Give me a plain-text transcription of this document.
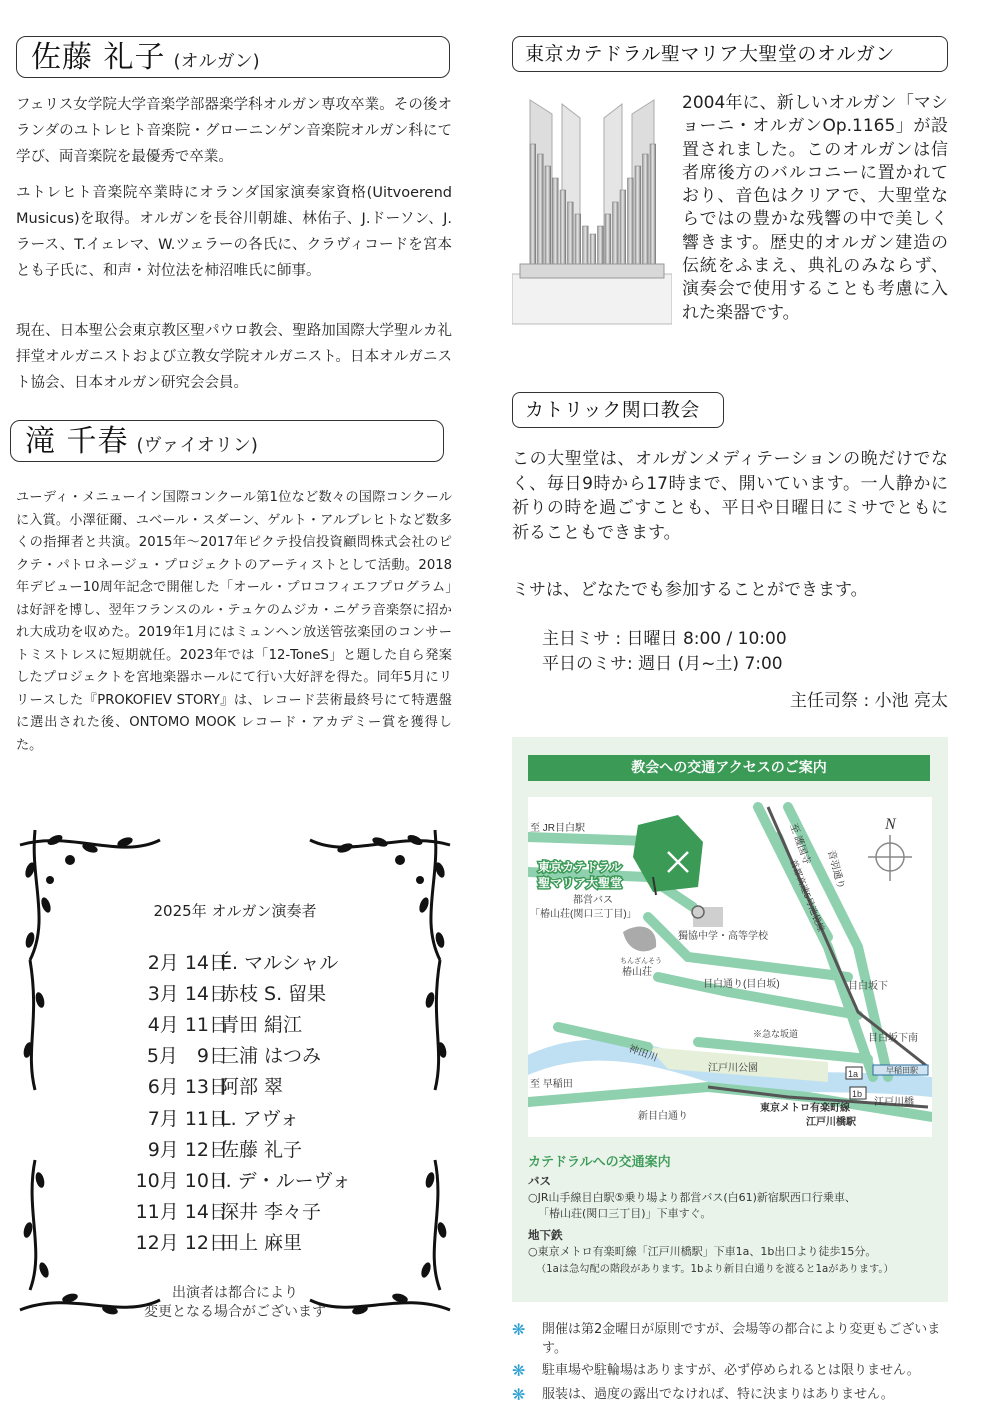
佐藤 礼子 (オルガン)
フェリス女学院大学音楽学部器楽学科オルガン専攻卒業。その後オランダのユトレヒト音楽院・グローニンゲン音楽院オルガン科にて学び、両音楽院を最優秀で卒業。
ユトレヒト音楽院卒業時にオランダ国家演奏家資格(Uitvoerend Musicus)を取得。オルガンを長谷川朝雄、林佑子、J.ドーソン、J.ラース、T.イェレマ、W.ツェラーの各氏に、クラヴィコードを宮本とも子氏に、和声・対位法を柿沼唯氏に師事。
現在、日本聖公会東京教区聖パウロ教会、聖路加国際大学聖ルカ礼拝堂オルガニストおよび立教女学院オルガニスト。日本オルガニスト協会、日本オルガン研究会会員。
滝 千春 (ヴァイオリン)
ユーディ・メニューイン国際コンクール第1位など数々の国際コンクールに入賞。小澤征爾、ユベール・スダーン、ゲルト・アルブレヒトなど数多くの指揮者と共演。2015年〜2017年ピクテ投信投資顧問株式会社のピクテ・パトロネージュ・プロジェクトのアーティストとして活動。2018年デビュー10周年記念で開催した「オール・プロコフィエフプログラム」は好評を博し、翌年フランスのル・テュケのムジカ・ニゲラ音楽祭に招かれ大成功を収めた。2019年1月にはミュンヘン放送管弦楽団のコンサートミストレスに短期就任。2023年では「12-ToneS」と題した自ら発案したプロジェクトを宮地楽器ホールにて行い大好評を得た。同年5月にリリースした『PROKOFIEV STORY』は、レコード芸術最終号にて特選盤に選出された後、ONTOMO MOOK レコード・アカデミー賞を獲得した。
2025年 オルガン演奏者
2月 14日
É. マルシャル
3月 14日
赤枝 S. 留果
4月 11日
青田 絹江
5月　9日
三浦 はつみ
6月 13日
阿部 翠
7月 11日
L. アヴォ
9月 12日
佐藤 礼子
10月 10日
I. デ・ルーヴォ
11月 14日
深井 李々子
12月 12日
田上 麻里
出演者は都合により
変更となる場合がございます
東京カテドラル聖マリア大聖堂のオルガン
2004年に、新しいオルガン「マショーニ・オルガンOp.1165」が設置されました。このオルガンは信者席後方のバルコニーに置かれており、音色はクリアで、大聖堂ならではの豊かな残響の中で美しく響きます。歴史的オルガン建造の伝統をふまえ、典礼のみならず、演奏会で使用することも考慮に入れた楽器です。
カトリック関口教会
この大聖堂は、オルガンメディテーションの晩だけでなく、毎日9時から17時まで、開いています。一人静かに祈りの時を過ごすことも、平日や日曜日にミサでともに祈ることもできます。
ミサは、どなたでも参加することができます。
主日ミサ : 日曜日 8:00 / 10:00
平日のミサ: 週日 (月~土) 7:00
主任司祭 : 小池 亮太
教会への交通アクセスのご案内
至 JR目白駅	至 護国寺
東京カテドラル
聖マリア大聖堂
都営バス
「椿山荘(関口三丁目)」
獨協中学・高等学校
ちんざんそう
椿山荘
目白通り(目白坂)	目白坂下
目白坂下南
※急な坂道
神田川
江戸川公園
至 早稲田
新目白通り
東京メトロ有楽町線
江戸川橋駅
江戸川橋
音羽通り
首都高速5号池袋線
早稲田駅
1a
1b
N
カテドラルへの交通案内
バス
○JR山手線目白駅⑤乗り場より都営バス(白61)新宿駅西口行乗車、
「椿山荘(関口三丁目)」下車すぐ。
地下鉄
○東京メトロ有楽町線「江戸川橋駅」下車1a、1b出口より徒歩15分。
（1aは急勾配の階段があります。1bより新目白通りを渡ると1aがあります。）
❋ 開催は第2金曜日が原則ですが、会場等の都合により変更もございます。
❋ 駐車場や駐輪場はありますが、必ず停められるとは限りません。
❋ 服装は、過度の露出でなければ、特に決まりはありません。
